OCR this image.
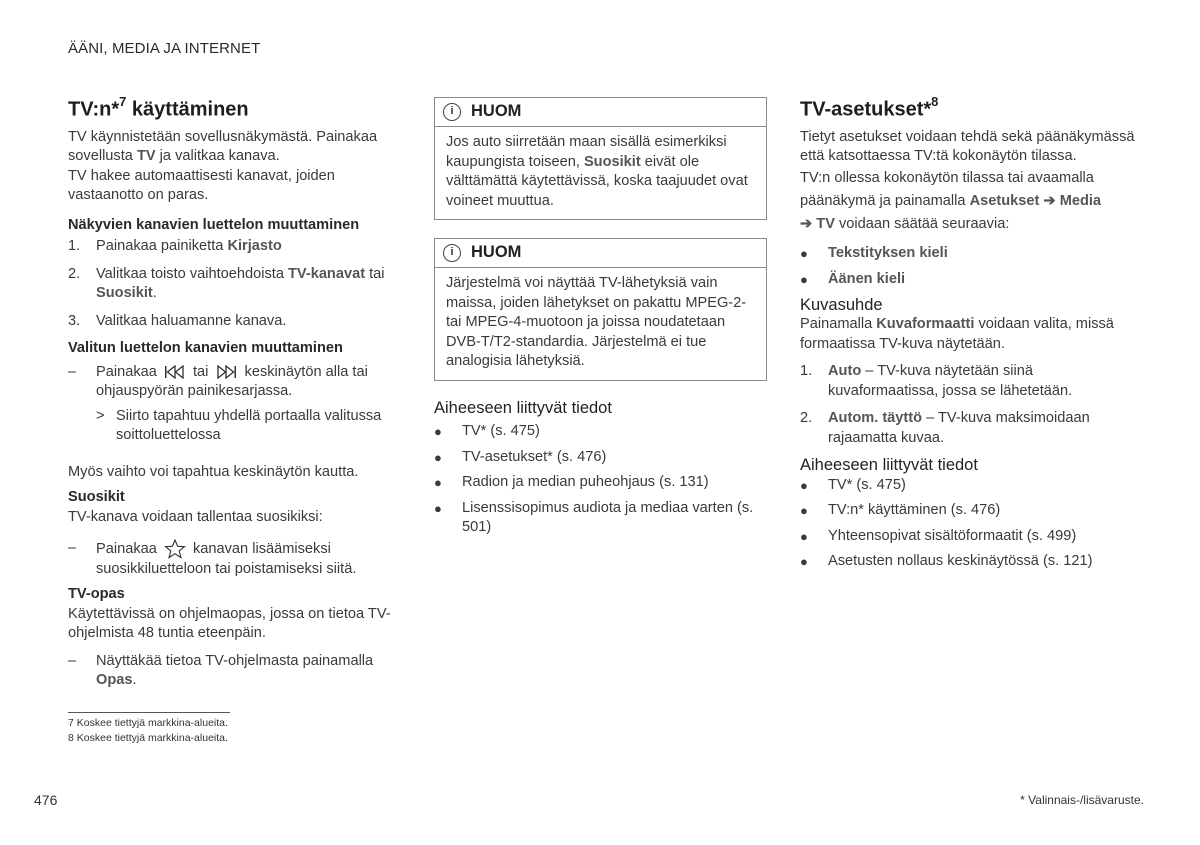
ÄÄNI, MEDIA JA INTERNET
TV:n*$^7$ käyttäminen

TV käynnistetään sovellusnäkymästä. Painakaa sovellusta TV ja valitkaa kanava.

TV hakee automaattisesti kanavat, joiden vastaanotto on paras.

Näkyvien kanavien luettelon muuttaminen

1.	Painakaa painiketta Kirjasto
2.	Valitkaa toisto vaihtoehdoista TV-kanavat tai Suosikit.
3.	Valitkaa haluamanne kanava.

Valitun luettelon kanavien muuttaminen

–	Painakaa tai keskinäytön alla tai ohjauspyörän painikesarjassa.
> Siirto tapahtuu yhdellä portaalla valitussa soittoluettelossa

Myös vaihto voi tapahtua keskinäytön kautta.

Suosikit

TV-kanava voidaan tallentaa suosikiksi:

–	Painakaa kanavan lisäämiseksi suosikkiluetteloon tai poistamiseksi siitä.

TV-opas

Käytettävissä on ohjelmaopas, jossa on tietoa TV-ohjelmista 48 tuntia eteenpäin.

–	Näyttäkää tietoa TV-ohjelmasta painamalla Opas.
i	HUOM
Jos auto siirretään maan sisällä esimerkiksi kaupungista toiseen, Suosikit eivät ole välttämättä käytettävissä, koska taajuudet ovat voineet muuttua.
i	HUOM
Järjestelmä voi näyttää TV-lähetyksiä vain maissa, joiden lähetykset on pakattu MPEG-2- tai MPEG-4-muotoon ja joissa noudatetaan DVB-T/T2-standardia. Järjestelmä ei tue analogisia lähetyksiä.

Aiheeseen liittyvät tiedot

●	TV* (s. 475)
●	TV-asetukset* (s. 476)
●	Radion ja median puheohjaus (s. 131)
●	Lisenssisopimus audiota ja mediaa varten (s. 501)
TV-asetukset*$^8$

Tietyt asetukset voidaan tehdä sekä päänäkymässä että katsottaessa TV:tä kokonäytön tilassa.

TV:n ollessa kokonäytön tilassa tai avaamalla päänäkymä ja painamalla Asetukset ➔ Media
➔ TV voidaan säätää seuraavia:

●	Tekstityksen kieli
●	Äänen kieli

Kuvasuhde

Painamalla Kuvaformaatti voidaan valita, missä formaatissa TV-kuva näytetään.

1.	Auto – TV-kuva näytetään siinä kuvaformaatissa, jossa se lähetetään.
2.	Autom. täyttö – TV-kuva maksimoidaan rajaamatta kuvaa.

Aiheeseen liittyvät tiedot

●	TV* (s. 475)
●	TV:n* käyttäminen (s. 476)
●	Yhteensopivat sisältöformaatit (s. 499)
●	Asetusten nollaus keskinäytössä (s. 121)
7 Koskee tiettyjä markkina-alueita.
8 Koskee tiettyjä markkina-alueita.
476	* Valinnais-/lisävaruste.
